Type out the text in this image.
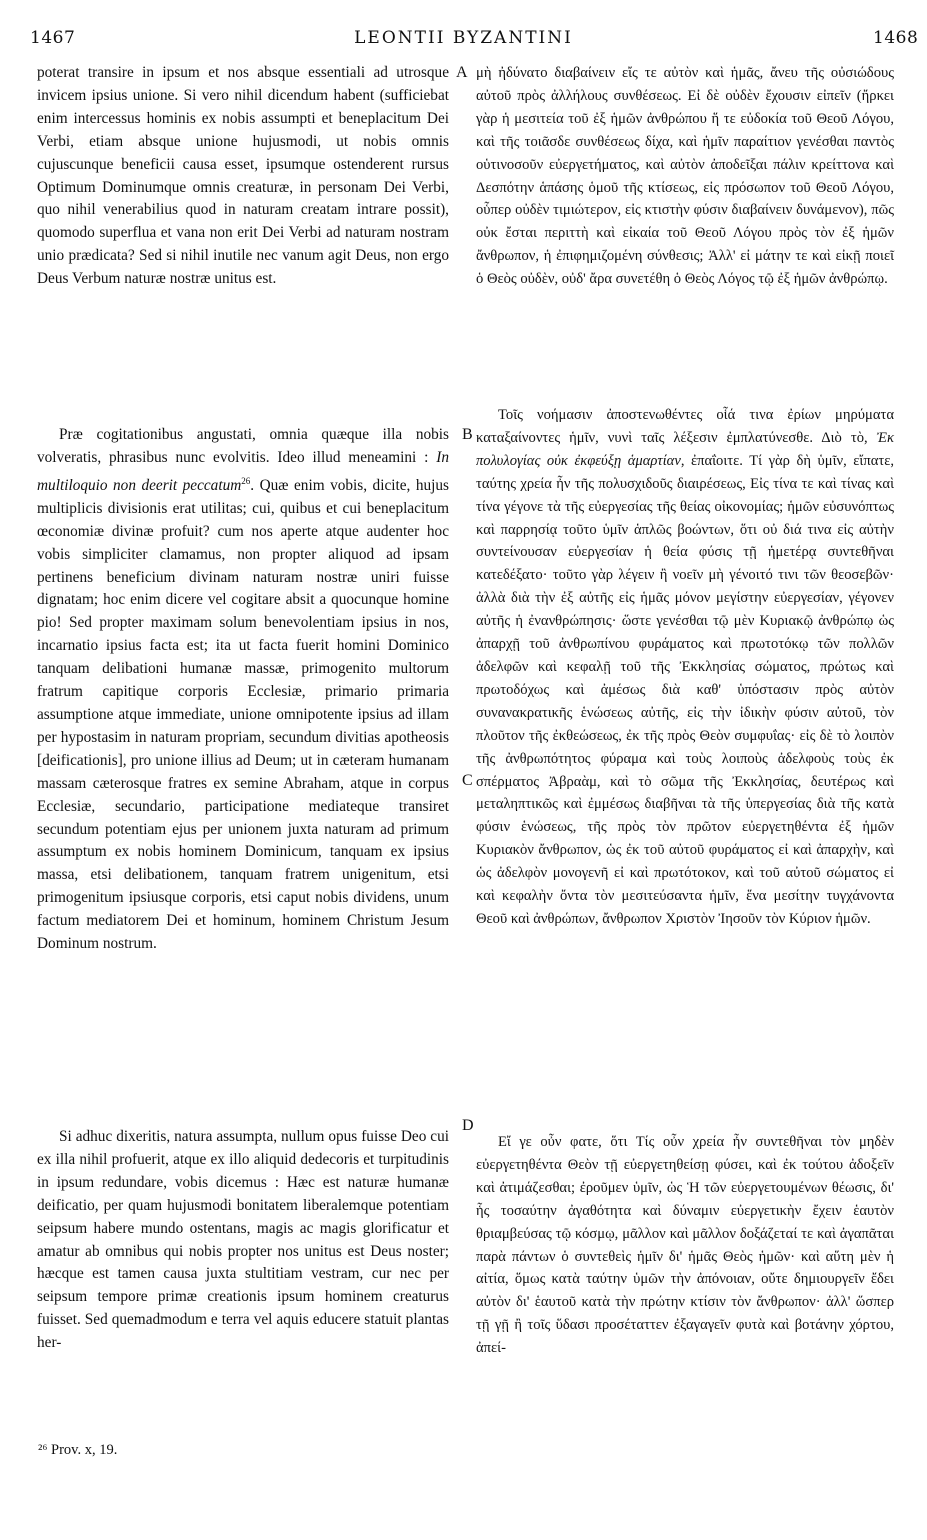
1467	LEONTII BYZANTINI	1468

poterat transire in ipsum et nos absque essentiali ad utrosque invicem ipsius unione. Si vero nihil dicendum habent (sufficiebat enim intercessus hominis ex nobis assumpti et beneplacitum Dei Verbi, etiam absque unione hujusmodi, ut nobis omnis cujuscunque beneficii causa esset, ipsumque ostenderent rursus Optimum Dominumque omnis creaturæ, in personam Dei Verbi, quo nihil venerabilius quod in naturam creatam intrare possit), quomodo superflua et vana non erit Dei Verbi ad naturam nostram unio prædicata? Sed si nihil inutile nec vanum agit Deus, non ergo Deus Verbum naturæ nostræ unitus est.

Præ cogitationibus angustati, omnia quæque illa nobis volveratis, phrasibus nunc evolvitis. Ideo illud meneamini : In multiloquio non deerit peccatum$^{26}$. Quæ enim vobis, dicite, hujus multiplicis divisionis erat utilitas; cui, quibus et cui beneplacitum œconomiæ divinæ profuit? cum nos aperte atque audenter hoc vobis simpliciter clamamus, non propter aliquod ad ipsam pertinens beneficium divinam naturam nostræ uniri fuisse dignatam; hoc enim dicere vel cogitare absit a quocunque homine pio! Sed propter maximam solum benevolentiam ipsius in nos, incarnatio ipsius facta est; ita ut facta fuerit homini Dominico tanquam delibationi humanæ massæ, primogenito multorum fratrum capitique corporis Ecclesiæ, primario primaria assumptione atque immediate, unione omnipotente ipsius ad illam per hypostasim in naturam propriam, secundum divitias apotheosis [deificationis], pro unione illius ad Deum; ut in cæteram humanam massam cæterosque fratres ex semine Abraham, atque in corpus Ecclesiæ, secundario, participatione mediateque transiret secundum potentiam ejus per unionem juxta naturam ad primum assumptum ex nobis hominem Dominicum, tanquam ex ipsius massa, etsi delibationem, tanquam fratrem unigenitum, etsi primogenitum ipsiusque corporis, etsi caput nobis dividens, unum factum mediatorem Dei et hominum, hominem Christum Jesum Dominum nostrum.

Si adhuc dixeritis, natura assumpta, nullum opus fuisse Deo cui ex illa nihil profuerit, atque ex illo aliquid dedecoris et turpitudinis in ipsum redundare, vobis dicemus : Hæc est naturæ humanæ deificatio, per quam hujusmodi bonitatem liberalemque potentiam seipsum habere mundo ostentans, magis ac magis glorificatur et amatur ab omnibus qui nobis propter nos unitus est Deus noster; hæcque est tamen causa juxta stultitiam vestram, cur nec per seipsum tempore primæ creationis ipsum hominem creaturus fuisset. Sed quemadmodum e terra vel aquis educere statuit plantas her-

μὴ ἠδύνατο διαβαίνειν εἴς τε αὐτὸν καὶ ἡμᾶς, ἄνευ τῆς οὐσιώδους αὐτοῦ πρὸς ἀλλήλους συνθέσεως. Εἰ δὲ οὐδὲν ἔχουσιν εἰπεῖν (ἤρκει γὰρ ἡ μεσιτεία τοῦ ἐξ ἡμῶν ἀνθρώπου ἥ τε εὐδοκία τοῦ Θεοῦ Λόγου, καὶ τῆς τοιᾶσδε συνθέσεως δίχα, καὶ ἡμῖν παραίτιον γενέσθαι παντὸς οὑτινοσοῦν εὐεργετήματος, καὶ αὐτὸν ἀποδεῖξαι πάλιν κρείττονα καὶ Δεσπότην ἁπάσης ὁμοῦ τῆς κτίσεως, εἰς πρόσωπον τοῦ Θεοῦ Λόγου, οὗπερ οὐδὲν τιμιώτερον, εἰς κτιστὴν φύσιν διαβαίνειν δυνάμενον), πῶς οὐκ ἔσται περιττὴ καὶ εἰκαία τοῦ Θεοῦ Λόγου πρὸς τὸν ἐξ ἡμῶν ἄνθρωπον, ἡ ἐπιφημιζομένη σύνθεσις; Ἀλλ' εἰ μάτην τε καὶ εἰκῇ ποιεῖ ὁ Θεὸς οὐδὲν, οὐδ' ἄρα συνετέθη ὁ Θεὸς Λόγος τῷ ἐξ ἡμῶν ἀνθρώπῳ.

Τοῖς νοήμασιν ἀποστενωθέντες οἷά τινα ἐρίων μηρύματα καταξαίνοντες ἡμῖν, νυνὶ ταῖς λέξεσιν ἐμπλατύνεσθε. Διὸ τὸ, Ἐκ πολυλογίας οὐκ ἐκφεύξῃ ἁμαρτίαν, ἐπαΐοιτε. Τί γὰρ δὴ ὑμῖν, εἴπατε, ταύτης χρεία ἦν τῆς πολυσχιδοῦς διαιρέσεως, Εἰς τίνα τε καὶ τίνας καὶ τίνα γέγονε τὰ τῆς εὐεργεσίας τῆς θείας οἰκονομίας; ἡμῶν εὐσυνόπτως καὶ παρρησίᾳ τοῦτο ὑμῖν ἁπλῶς βοώντων, ὅτι οὐ διά τινα εἰς αὐτὴν συντείνουσαν εὐεργεσίαν ἡ θεία φύσις τῇ ἡμετέρᾳ συντεθῆναι κατεδέξατο· τοῦτο γὰρ λέγειν ἢ νοεῖν μὴ γένοιτό τινι τῶν θεοσεβῶν· ἀλλὰ διὰ τὴν ἐξ αὐτῆς εἰς ἡμᾶς μόνον μεγίστην εὐεργεσίαν, γέγονεν αὐτῆς ἡ ἐνανθρώπησις· ὥστε γενέσθαι τῷ μὲν Κυριακῷ ἀνθρώπῳ ὡς ἀπαρχῇ τοῦ ἀνθρωπίνου φυράματος καὶ πρωτοτόκῳ τῶν πολλῶν ἀδελφῶν καὶ κεφαλῇ τοῦ τῆς Ἐκκλησίας σώματος, πρώτως καὶ πρωτοδόχως καὶ ἀμέσως διὰ καθ' ὑπόστασιν πρὸς αὐτὸν συνανακρατικῆς ἑνώσεως αὐτῆς, εἰς τὴν ἰδικὴν φύσιν αὐτοῦ, τὸν πλοῦτον τῆς ἐκθεώσεως, ἐκ τῆς πρὸς Θεὸν συμφυΐας· εἰς δὲ τὸ λοιπὸν τῆς ἀνθρωπότητος φύραμα καὶ τοὺς λοιποὺς ἀδελφοὺς τοὺς ἐκ σπέρματος Ἀβραὰμ, καὶ τὸ σῶμα τῆς Ἐκκλησίας, δευτέρως καὶ μεταληπτικῶς καὶ ἐμμέσως διαβῆναι τὰ τῆς ὑπεργεσίας διὰ τῆς κατὰ φύσιν ἑνώσεως, τῆς πρὸς τὸν πρῶτον εὐεργετηθέντα ἐξ ἡμῶν Κυριακὸν ἄνθρωπον, ὡς ἐκ τοῦ αὐτοῦ φυράματος εἰ καὶ ἀπαρχὴν, καὶ ὡς ἀδελφὸν μονογενῆ εἰ καὶ πρωτότοκον, καὶ τοῦ αὐτοῦ σώματος εἰ καὶ κεφαλὴν ὄντα τὸν μεσιτεύσαντα ἡμῖν, ἕνα μεσίτην τυγχάνοντα Θεοῦ καὶ ἀνθρώπων, ἄνθρωπον Χριστὸν Ἰησοῦν τὸν Κύριον ἡμῶν.

Εἴ γε οὖν φατε, ὅτι Τίς οὖν χρεία ἦν συντεθῆναι τὸν μηδὲν εὐεργετηθέντα Θεὸν τῇ εὐεργετηθείσῃ φύσει, καὶ ἐκ τούτου ἀδοξεῖν καὶ ἀτιμάζεσθαι; ἐροῦμεν ὑμῖν, ὡς Ἡ τῶν εὐεργετουμένων θέωσις, δι' ἧς τοσαύτην ἀγαθότητα καὶ δύναμιν εὐεργετικὴν ἔχειν ἑαυτὸν θριαμβεύσας τῷ κόσμῳ, μᾶλλον καὶ μᾶλλον δοξάζεταί τε καὶ ἀγαπᾶται παρὰ πάντων ὁ συντεθεὶς ἡμῖν δι' ἡμᾶς Θεὸς ἡμῶν· καὶ αὕτη μὲν ἡ αἰτία, ὅμως κατὰ ταύτην ὑμῶν τὴν ἀπόνοιαν, οὔτε δημιουργεῖν ἔδει αὐτὸν δι' ἑαυτοῦ κατὰ τὴν πρώτην κτίσιν τὸν ἄνθρωπον· ἀλλ' ὥσπερ τῇ γῇ ἢ τοῖς ὕδασι προσέταττεν ἐξαγαγεῖν φυτὰ καὶ βοτάνην χόρτου, ἀπεί-

A
B
C
D
²⁶ Prov. x, 19.
